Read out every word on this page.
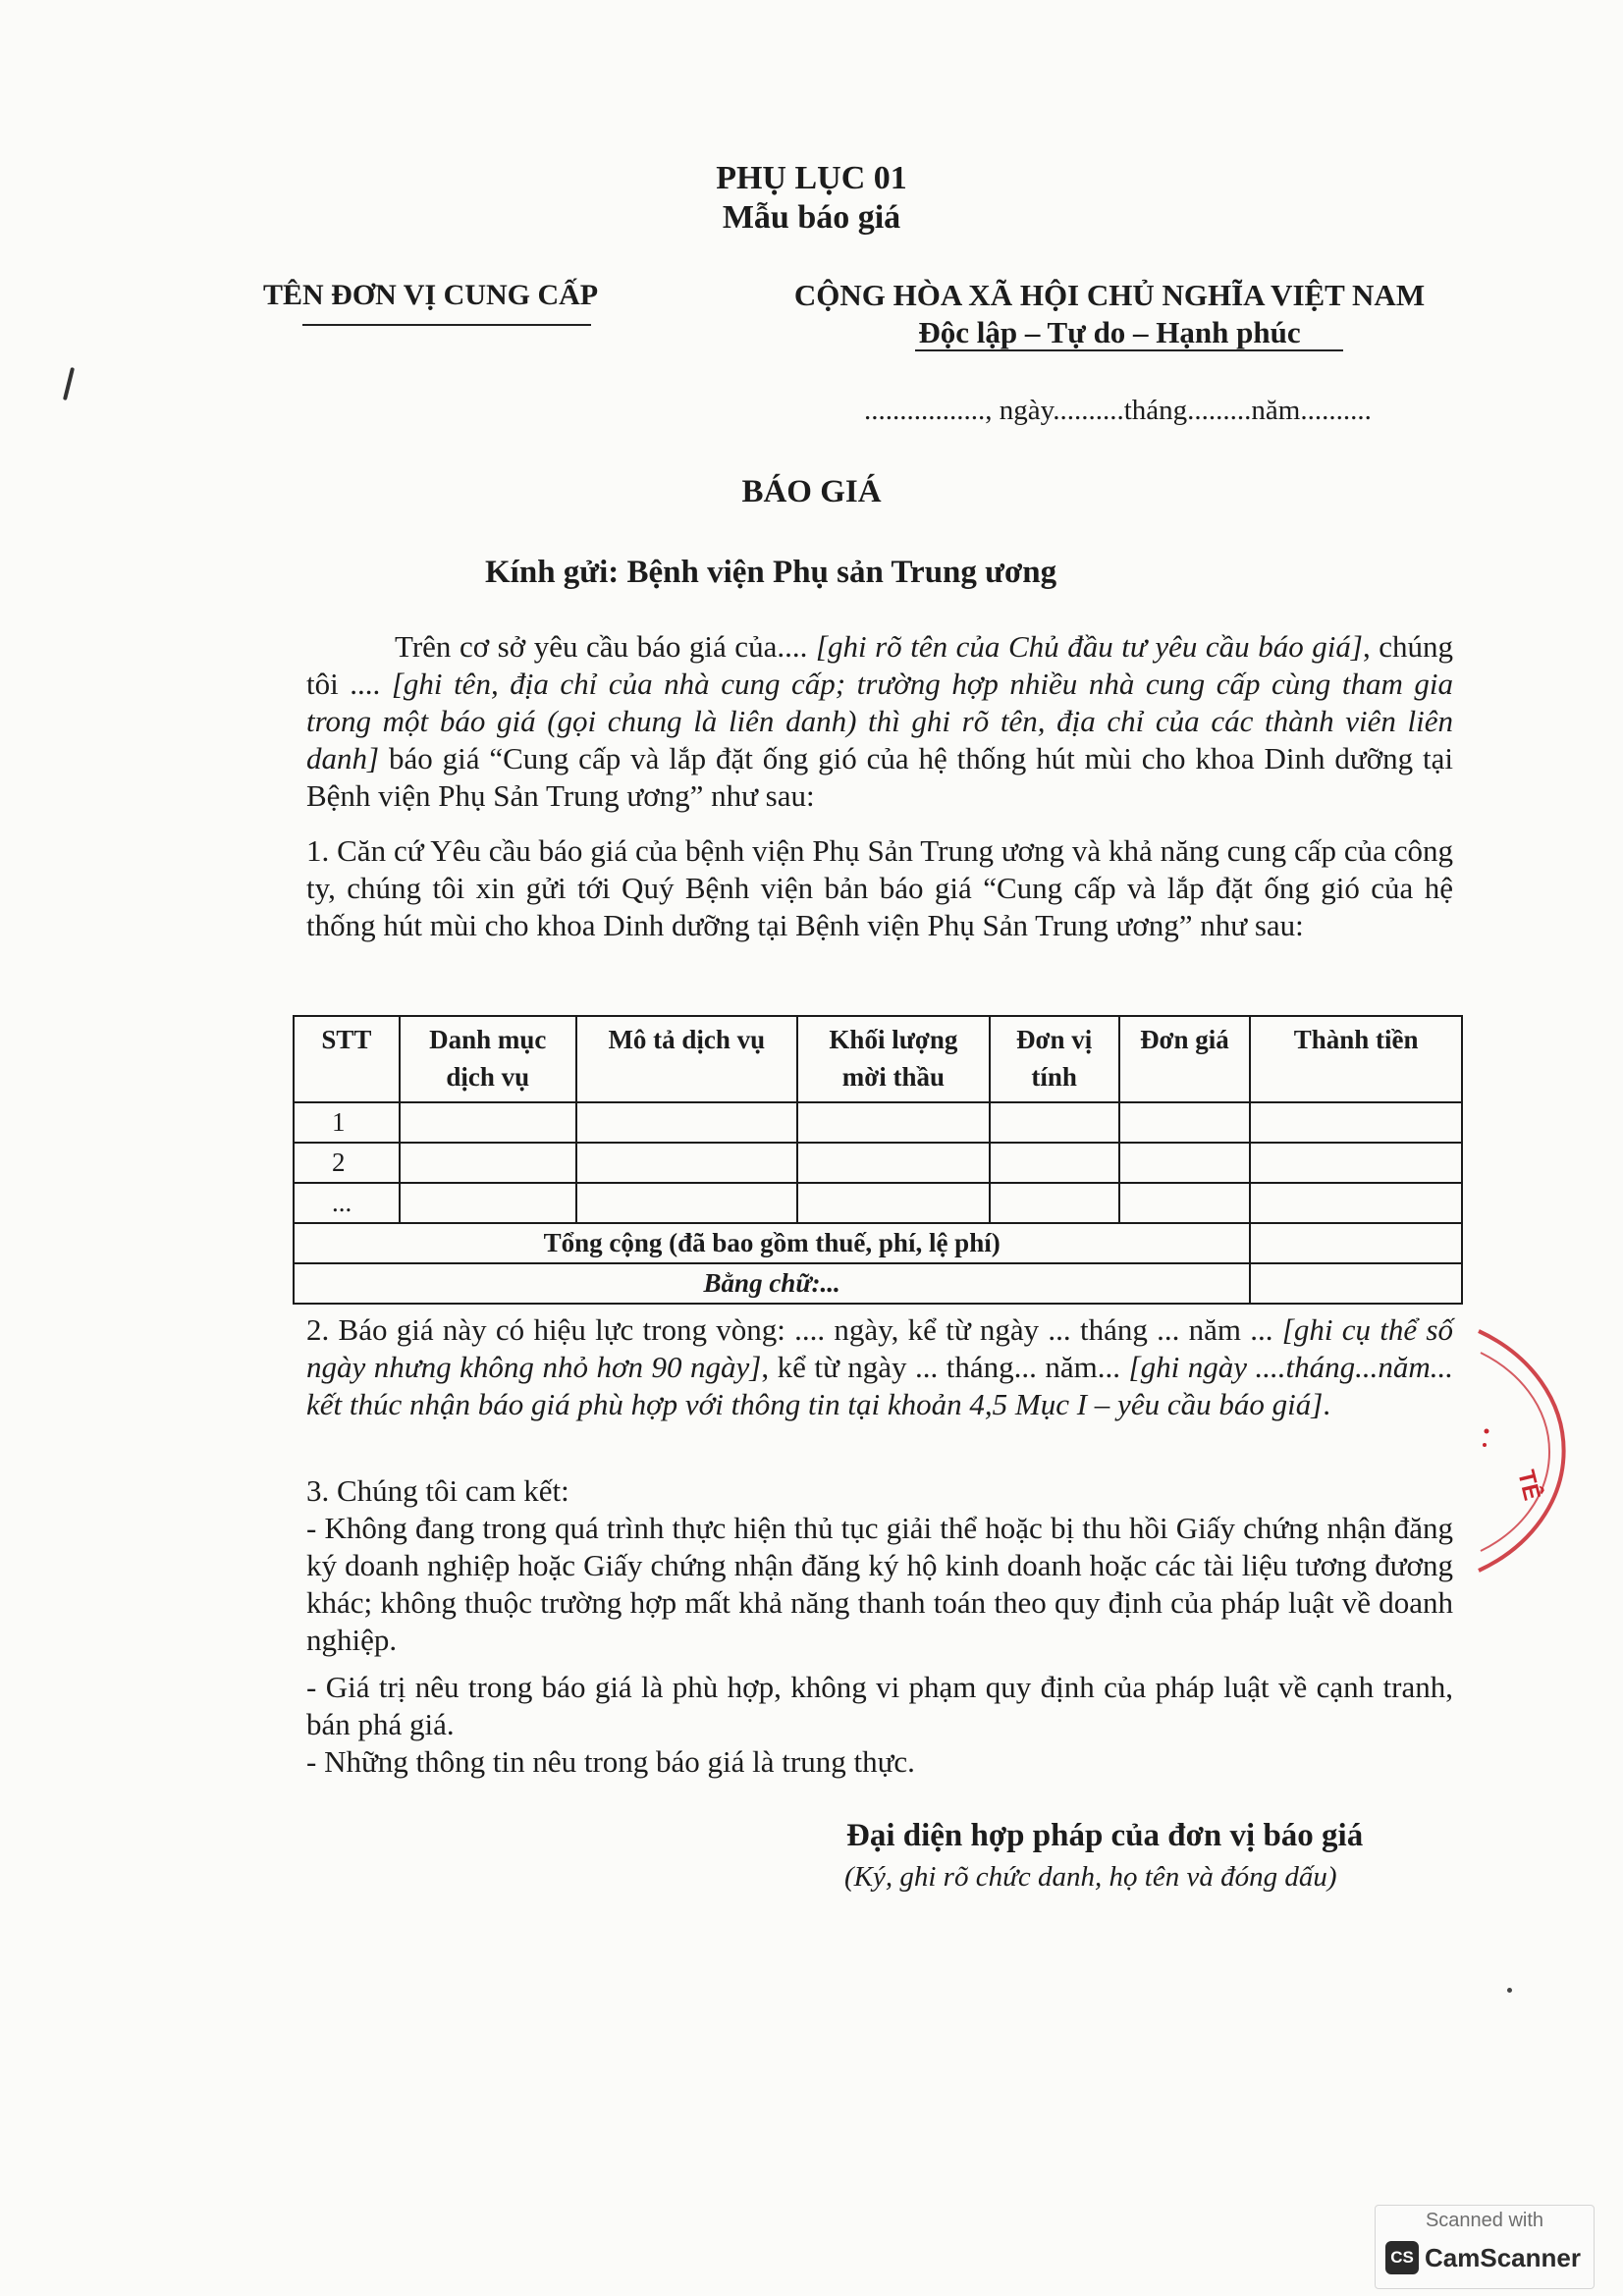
PHỤ LỤC 01
Mẫu báo giá
TÊN ĐƠN VỊ CUNG CẤP	CỘNG HÒA XÃ HỘI CHỦ NGHĨA VIỆT NAM
Độc lập – Tự do – Hạnh phúc
................., ngày..........tháng.........năm..........
BÁO GIÁ
Kính gửi: Bệnh viện Phụ sản Trung ương
Trên cơ sở yêu cầu báo giá của.... [ghi rõ tên của Chủ đầu tư yêu cầu báo giá], chúng tôi .... [ghi tên, địa chỉ của nhà cung cấp; trường hợp nhiều nhà cung cấp cùng tham gia trong một báo giá (gọi chung là liên danh) thì ghi rõ tên, địa chỉ của các thành viên liên danh] báo giá “Cung cấp và lắp đặt ống gió của hệ thống hút mùi cho khoa Dinh dưỡng tại Bệnh viện Phụ Sản Trung ương” như sau:
1. Căn cứ Yêu cầu báo giá của bệnh viện Phụ Sản Trung ương và khả năng cung cấp của công ty, chúng tôi xin gửi tới Quý Bệnh viện bản báo giá “Cung cấp và lắp đặt ống gió của hệ thống hút mùi cho khoa Dinh dưỡng tại Bệnh viện Phụ Sản Trung ương” như sau:
STT	Danh mục dịch vụ	Mô tả dịch vụ	Khối lượng mời thầu	Đơn vị tính	Đơn giá	Thành tiền
1						
2						
...						
Tổng cộng (đã bao gồm thuế, phí, lệ phí)						
Bằng chữ:...						
2. Báo giá này có hiệu lực trong vòng: .... ngày, kể từ ngày ... tháng ... năm ... [ghi cụ thể số ngày nhưng không nhỏ hơn 90 ngày], kể từ ngày ... tháng... năm... [ghi ngày ....tháng...năm... kết thúc nhận báo giá phù hợp với thông tin tại khoản 4,5 Mục I – yêu cầu báo giá].
3. Chúng tôi cam kết:
- Không đang trong quá trình thực hiện thủ tục giải thể hoặc bị thu hồi Giấy chứng nhận đăng ký doanh nghiệp hoặc Giấy chứng nhận đăng ký hộ kinh doanh hoặc các tài liệu tương đương khác; không thuộc trường hợp mất khả năng thanh toán theo quy định của pháp luật về doanh nghiệp.
- Giá trị nêu trong báo giá là phù hợp, không vi phạm quy định của pháp luật về cạnh tranh, bán phá giá.
- Những thông tin nêu trong báo giá là trung thực.
Đại diện hợp pháp của đơn vị báo giá
(Ký, ghi rõ chức danh, họ tên và đóng dấu)
TÊ
Scanned with
CS CamScanner
